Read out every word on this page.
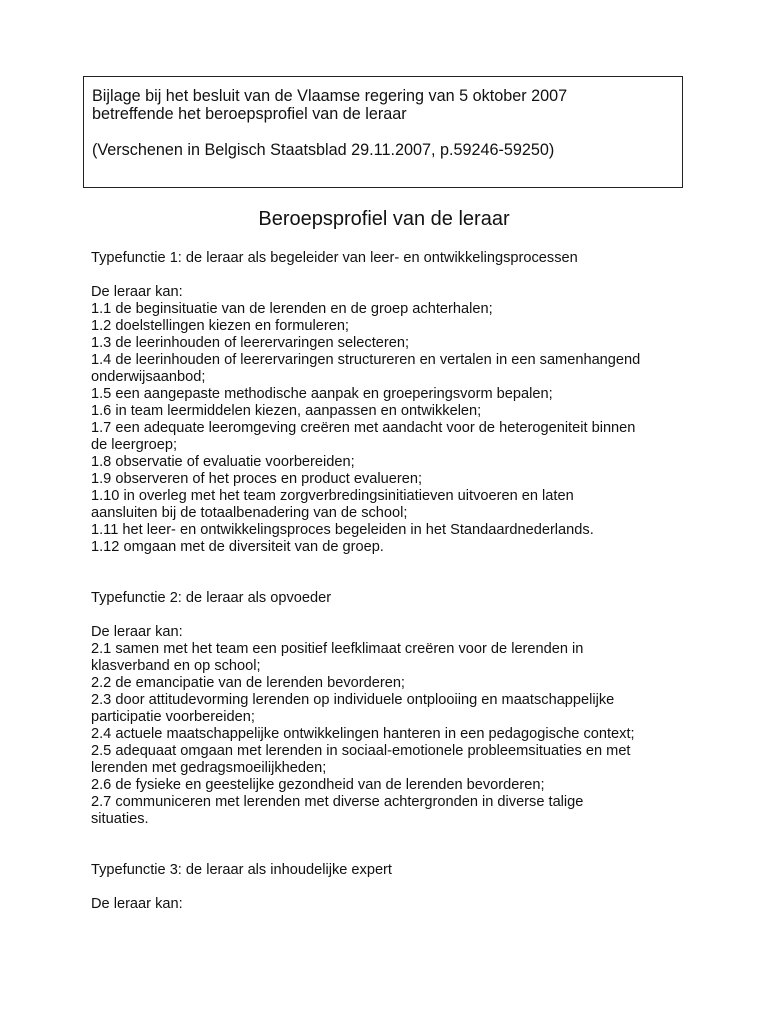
Bijlage bij het besluit van de Vlaamse regering van 5 oktober 2007
betreffende het beroepsprofiel van de leraar
(Verschenen in Belgisch Staatsblad 29.11.2007, p.59246-59250)
Beroepsprofiel van de leraar
Typefunctie 1: de leraar als begeleider van leer- en ontwikkelingsprocessen
De leraar kan:
1.1 de beginsituatie van de lerenden en de groep achterhalen;
1.2 doelstellingen kiezen en formuleren;
1.3 de leerinhouden of leerervaringen selecteren;
1.4 de leerinhouden of leerervaringen structureren en vertalen in een samenhangend
onderwijsaanbod;
1.5 een aangepaste methodische aanpak en groeperingsvorm bepalen;
1.6 in team leermiddelen kiezen, aanpassen en ontwikkelen;
1.7 een adequate leeromgeving creëren met aandacht voor de heterogeniteit binnen
de leergroep;
1.8 observatie of evaluatie voorbereiden;
1.9 observeren of het proces en product evalueren;
1.10 in overleg met het team zorgverbredingsinitiatieven uitvoeren en laten
aansluiten bij de totaalbenadering van de school;
1.11 het leer- en ontwikkelingsproces begeleiden in het Standaardnederlands.
1.12 omgaan met de diversiteit van de groep.
Typefunctie 2: de leraar als opvoeder
De leraar kan:
2.1 samen met het team een positief leefklimaat creëren voor de lerenden in
klasverband en op school;
2.2 de emancipatie van de lerenden bevorderen;
2.3 door attitudevorming lerenden op individuele ontplooiing en maatschappelijke
participatie voorbereiden;
2.4 actuele maatschappelijke ontwikkelingen hanteren in een pedagogische context;
2.5 adequaat omgaan met lerenden in sociaal-emotionele probleemsituaties en met
lerenden met gedragsmoeilijkheden;
2.6 de fysieke en geestelijke gezondheid van de lerenden bevorderen;
2.7 communiceren met lerenden met diverse achtergronden in diverse talige
situaties.
Typefunctie 3: de leraar als inhoudelijke expert
De leraar kan:
